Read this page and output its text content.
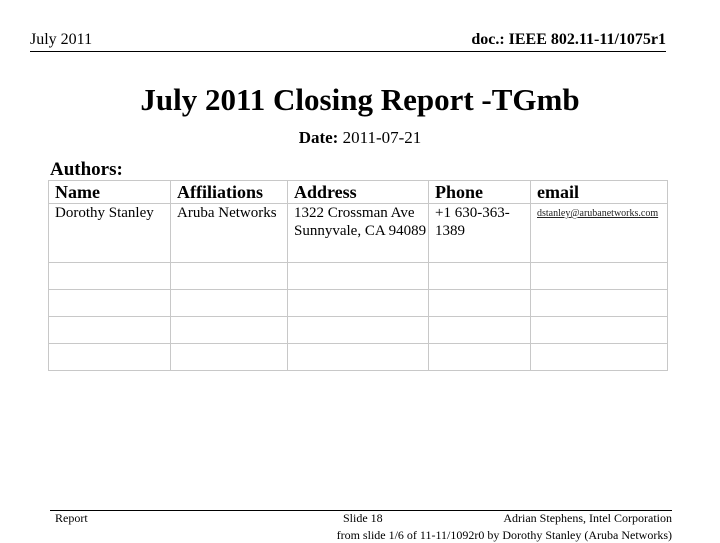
July 2011	doc.: IEEE 802.11-11/1075r1
July 2011 Closing Report -TGmb
Date: 2011-07-21
Authors:
Name	Affiliations	Address	Phone	email
Dorothy Stanley	Aruba Networks	1322 Crossman Ave Sunnyvale, CA 94089	+1 630-363-1389	dstanley@arubanetworks.com

Report	Slide 18	Adrian Stephens, Intel Corporation
from slide 1/6 of 11-11/1092r0 by Dorothy Stanley (Aruba Networks)
